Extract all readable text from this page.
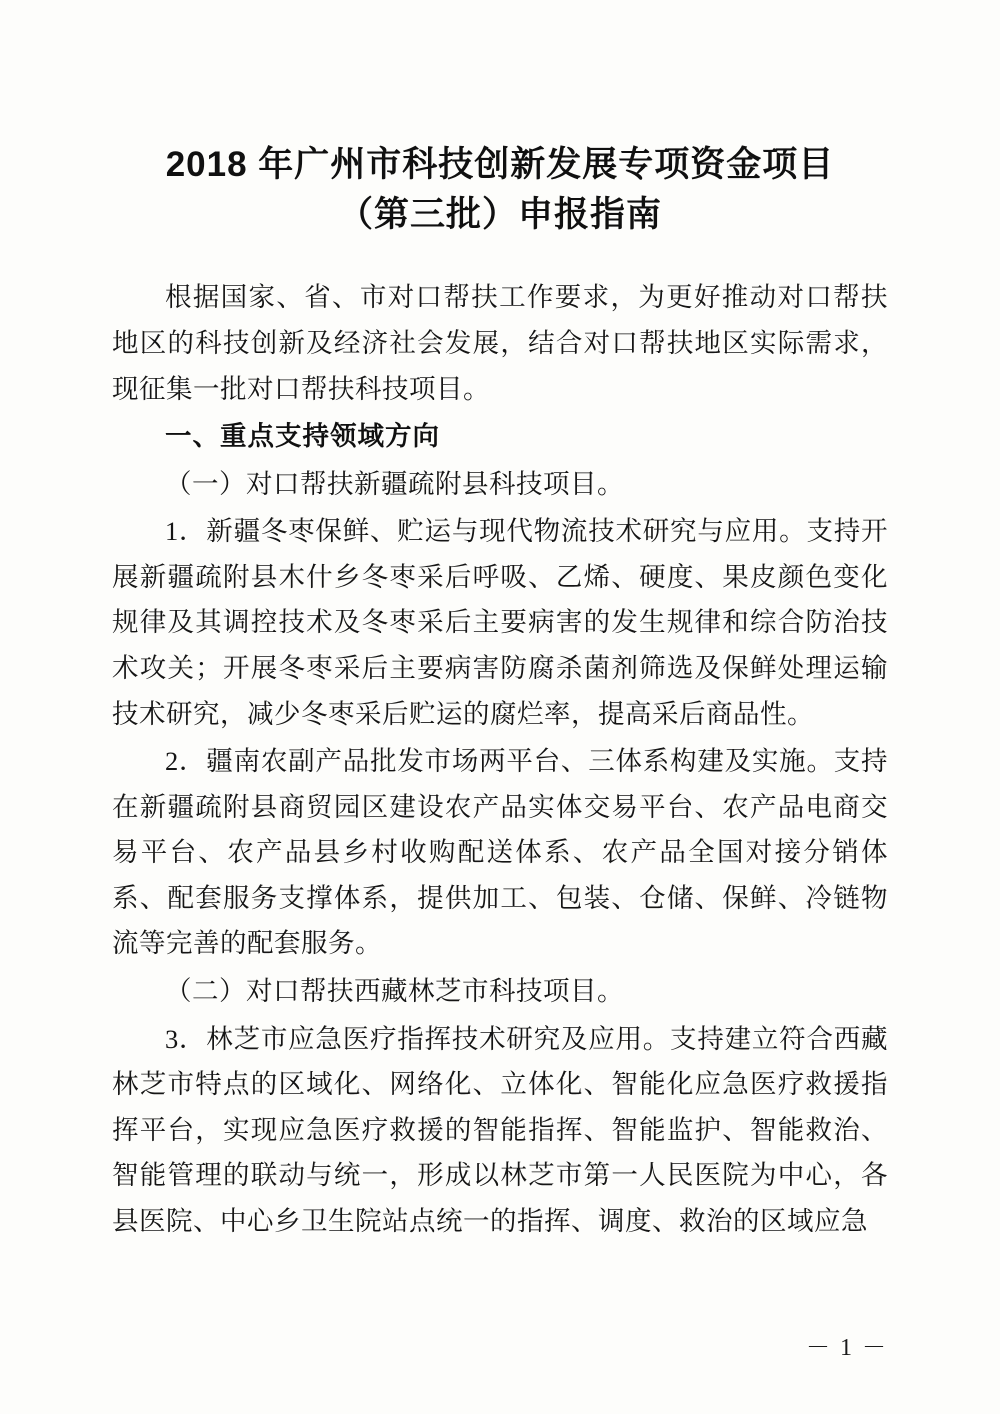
2018 年广州市科技创新发展专项资金项目
（第三批）申报指南

根据国家、省、市对口帮扶工作要求，为更好推动对口帮扶地区的科技创新及经济社会发展，结合对口帮扶地区实际需求，现征集一批对口帮扶科技项目。

一、重点支持领域方向

（一）对口帮扶新疆疏附县科技项目。

1．新疆冬枣保鲜、贮运与现代物流技术研究与应用。支持开展新疆疏附县木什乡冬枣采后呼吸、乙烯、硬度、果皮颜色变化规律及其调控技术及冬枣采后主要病害的发生规律和综合防治技术攻关；开展冬枣采后主要病害防腐杀菌剂筛选及保鲜处理运输技术研究，减少冬枣采后贮运的腐烂率，提高采后商品性。

2．疆南农副产品批发市场两平台、三体系构建及实施。支持在新疆疏附县商贸园区建设农产品实体交易平台、农产品电商交易平台、农产品县乡村收购配送体系、农产品全国对接分销体系、配套服务支撑体系，提供加工、包装、仓储、保鲜、冷链物流等完善的配套服务。

（二）对口帮扶西藏林芝市科技项目。

3．林芝市应急医疗指挥技术研究及应用。支持建立符合西藏林芝市特点的区域化、网络化、立体化、智能化应急医疗救援指挥平台，实现应急医疗救援的智能指挥、智能监护、智能救治、智能管理的联动与统一，形成以林芝市第一人民医院为中心，各县医院、中心乡卫生院站点统一的指挥、调度、救治的区域应急

－ 1 －
